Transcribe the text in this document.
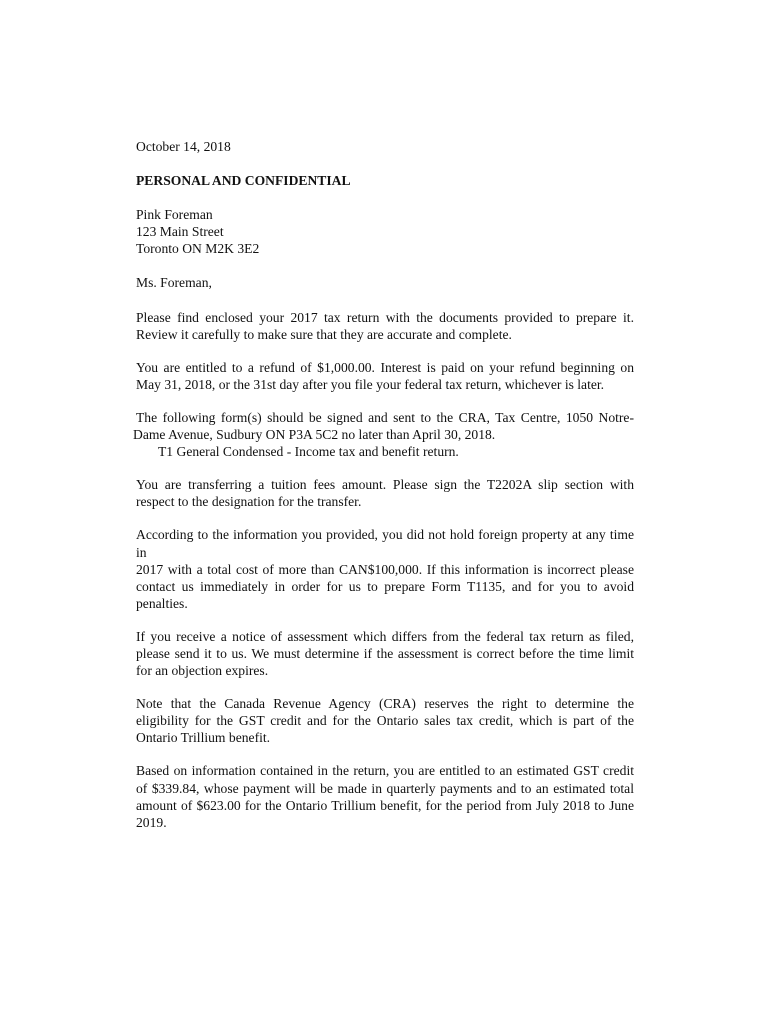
October 14, 2018
PERSONAL AND CONFIDENTIAL
Pink Foreman
123 Main Street
Toronto ON M2K 3E2
Ms. Foreman,
Please find enclosed your 2017 tax return with the documents provided to prepare it.
Review it carefully to make sure that they are accurate and complete.
You are entitled to a refund of $1,000.00. Interest is paid on your refund beginning on
May 31, 2018, or the 31st day after you file your federal tax return, whichever is later.
The following form(s) should be signed and sent to the CRA, Tax Centre, 1050 Notre-
Dame Avenue, Sudbury ON P3A 5C2 no later than April 30, 2018.
T1 General Condensed - Income tax and benefit return.
You are transferring a tuition fees amount. Please sign the T2202A slip section with
respect to the designation for the transfer.
According to the information you provided, you did not hold foreign property at any time in
2017 with a total cost of more than CAN$100,000. If this information is incorrect please
contact us immediately in order for us to prepare Form T1135, and for you to avoid
penalties.
If you receive a notice of assessment which differs from the federal tax return as filed,
please send it to us. We must determine if the assessment is correct before the time limit
for an objection expires.
Note that the Canada Revenue Agency (CRA) reserves the right to determine the
eligibility for the GST credit and for the Ontario sales tax credit, which is part of the
Ontario Trillium benefit.
Based on information contained in the return, you are entitled to an estimated GST credit
of $339.84, whose payment will be made in quarterly payments and to an estimated total
amount of $623.00 for the Ontario Trillium benefit, for the period from July 2018 to June
2019.
